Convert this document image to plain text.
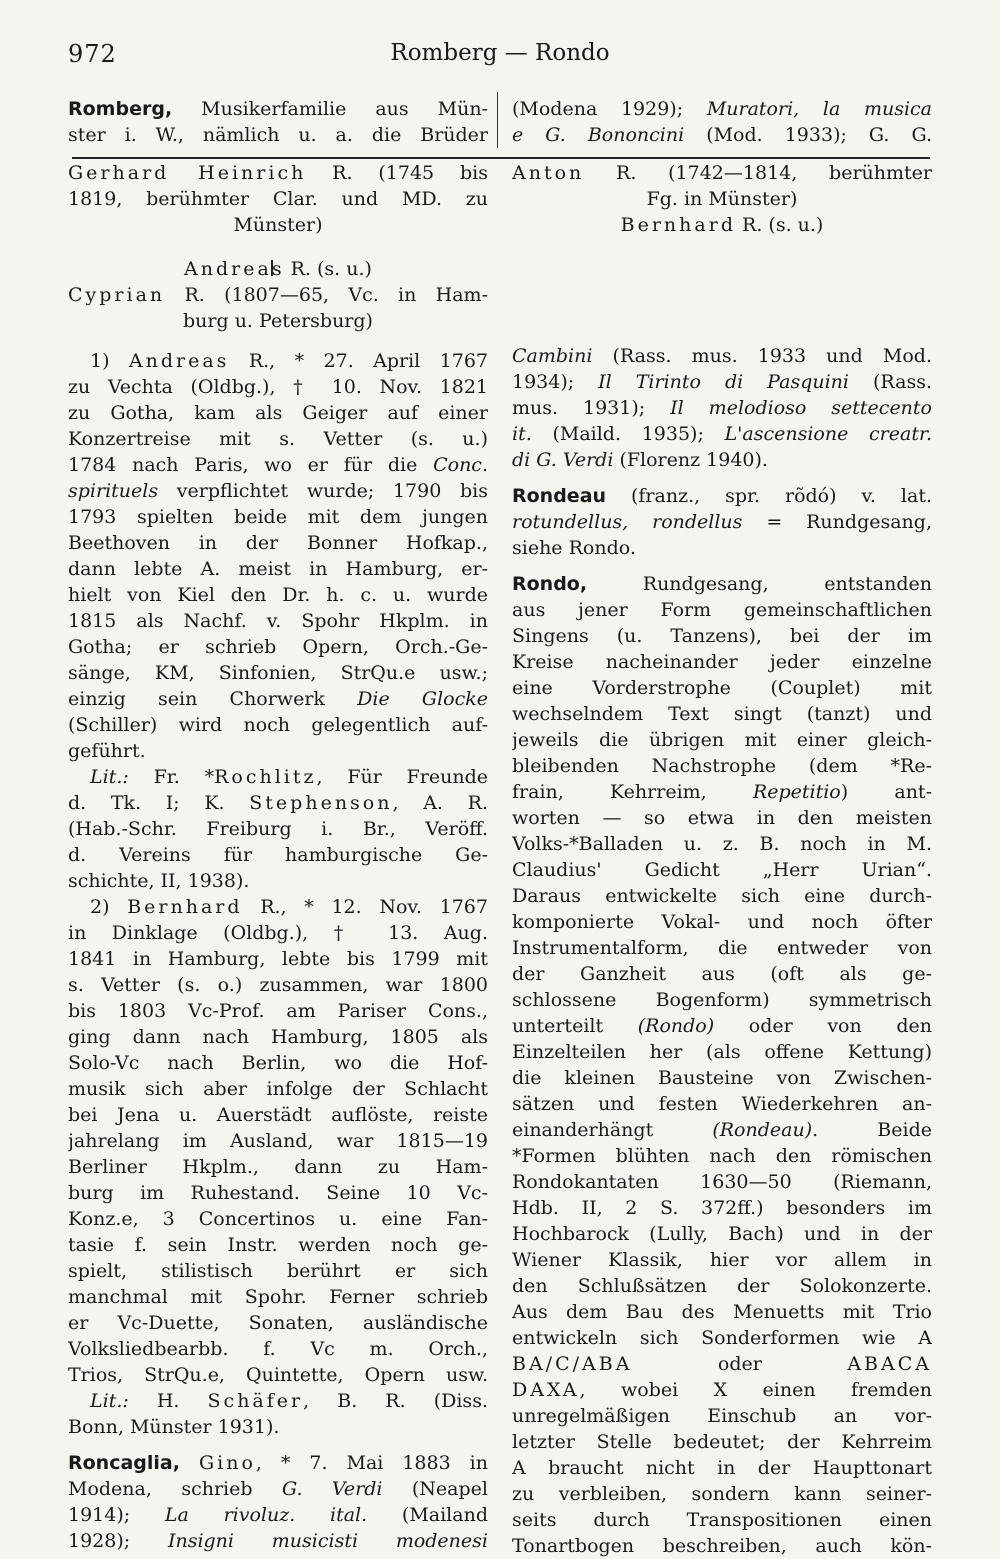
972	Romberg — Rondo
Romberg, Musikerfamilie aus Mün-
ster i. W., nämlich u. a. die Brüder
Gerhard Heinrich R. (1745 bis
1819, berühmter Clar. und MD. zu
Münster)
Andreas R. (s. u.)
Cyprian R. (1807—65, Vc. in Ham-
burg u. Petersburg)
1) Andreas R., * 27. April 1767
zu Vechta (Oldbg.), † 10. Nov. 1821
zu Gotha, kam als Geiger auf einer
Konzertreise mit s. Vetter (s. u.)
1784 nach Paris, wo er für die Conc.
spirituels verpflichtet wurde; 1790 bis
1793 spielten beide mit dem jungen
Beethoven in der Bonner Hofkap.,
dann lebte A. meist in Hamburg, er-
hielt von Kiel den Dr. h. c. u. wurde
1815 als Nachf. v. Spohr Hkplm. in
Gotha; er schrieb Opern, Orch.-Ge-
sänge, KM, Sinfonien, StrQu.e usw.;
einzig sein Chorwerk Die Glocke
(Schiller) wird noch gelegentlich auf-
geführt.
Lit.: Fr. *Rochlitz, Für Freunde
d. Tk. I; K. Stephenson, A. R.
(Hab.-Schr. Freiburg i. Br., Veröff.
d. Vereins für hamburgische Ge-
schichte, II, 1938).
2) Bernhard R., * 12. Nov. 1767
in Dinklage (Oldbg.), † 13. Aug.
1841 in Hamburg, lebte bis 1799 mit
s. Vetter (s. o.) zusammen, war 1800
bis 1803 Vc-Prof. am Pariser Cons.,
ging dann nach Hamburg, 1805 als
Solo-Vc nach Berlin, wo die Hof-
musik sich aber infolge der Schlacht
bei Jena u. Auerstädt auflöste, reiste
jahrelang im Ausland, war 1815—19
Berliner Hkplm., dann zu Ham-
burg im Ruhestand. Seine 10 Vc-
Konz.e, 3 Concertinos u. eine Fan-
tasie f. sein Instr. werden noch ge-
spielt, stilistisch berührt er sich
manchmal mit Spohr. Ferner schrieb
er Vc-Duette, Sonaten, ausländische
Volksliedbearbb. f. Vc m. Orch.,
Trios, StrQu.e, Quintette, Opern usw.
Lit.: H. Schäfer, B. R. (Diss.
Bonn, Münster 1931).
Roncaglia, Gino, * 7. Mai 1883 in
Modena, schrieb G. Verdi (Neapel
1914); La rivoluz. ital. (Mailand
1928); Insigni musicisti modenesi
(Modena 1929); Muratori, la musica
e G. Bononcini (Mod. 1933); G. G.
Anton R. (1742—1814, berühmter
Fg. in Münster)
Bernhard R. (s. u.)
Cambini (Rass. mus. 1933 und Mod.
1934); Il Tirinto di Pasquini (Rass.
mus. 1931); Il melodioso settecento
it. (Maild. 1935); L'ascensione creatr.
di G. Verdi (Florenz 1940).
Rondeau (franz., spr. rõdó) v. lat.
rotundellus, rondellus = Rundgesang,
siehe Rondo.
Rondo, Rundgesang, entstanden
aus jener Form gemeinschaftlichen
Singens (u. Tanzens), bei der im
Kreise nacheinander jeder einzelne
eine Vorderstrophe (Couplet) mit
wechselndem Text singt (tanzt) und
jeweils die übrigen mit einer gleich-
bleibenden Nachstrophe (dem *Re-
frain, Kehrreim, Repetitio) ant-
worten — so etwa in den meisten
Volks-*Balladen u. z. B. noch in M.
Claudius' Gedicht „Herr Urian“.
Daraus entwickelte sich eine durch-
komponierte Vokal- und noch öfter
Instrumentalform, die entweder von
der Ganzheit aus (oft als ge-
schlossene Bogenform) symmetrisch
unterteilt (Rondo) oder von den
Einzelteilen her (als offene Kettung)
die kleinen Bausteine von Zwischen-
sätzen und festen Wiederkehren an-
einanderhängt (Rondeau). Beide
*Formen blühten nach den römischen
Rondokantaten 1630—50 (Riemann,
Hdb. II, 2 S. 372ff.) besonders im
Hochbarock (Lully, Bach) und in der
Wiener Klassik, hier vor allem in
den Schlußsätzen der Solokonzerte.
Aus dem Bau des Menuetts mit Trio
entwickeln sich Sonderformen wie A
BA/C/ABA oder ABACA
DAXA, wobei X einen fremden
unregelmäßigen Einschub an vor-
letzter Stelle bedeutet; der Kehrreim
A braucht nicht in der Haupttonart
zu verbleiben, sondern kann seiner-
seits durch Transpositionen einen
Tonartbogen beschreiben, auch kön-
